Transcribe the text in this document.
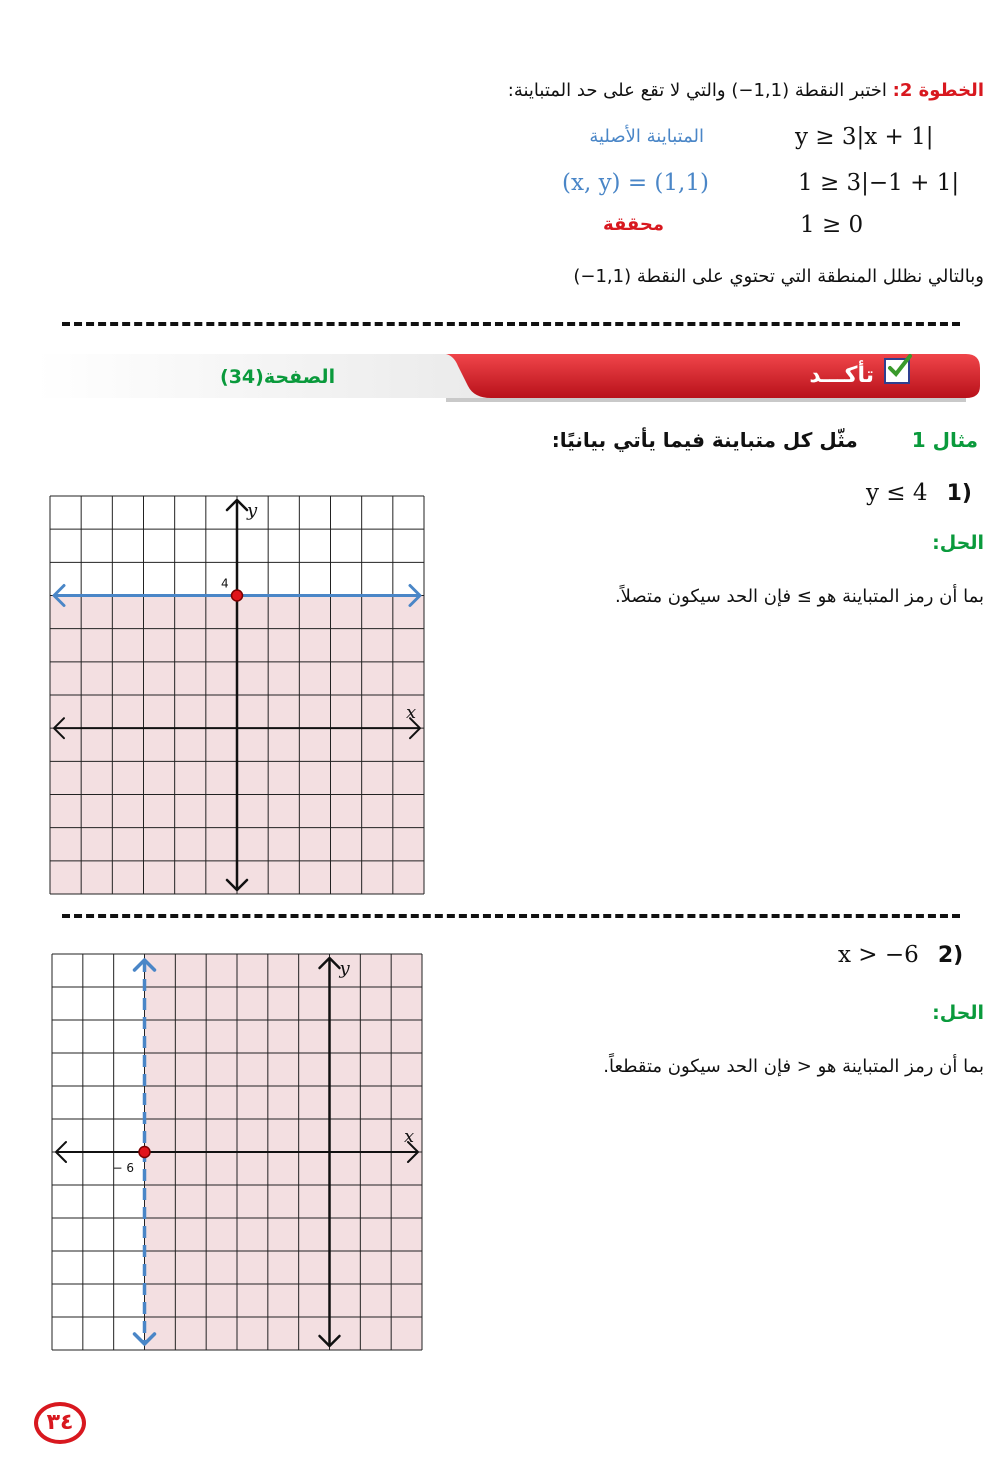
الخطوة 2: اختبر النقطة (1,1−) والتي لا تقع على حد المتباينة:
y ≥ 3|x + 1|
المتباينة الأصلية
1 ≥ 3|−1 + 1|
(x, y) = (1,1)
1 ≥ 0
محققة
وبالتالي نظلل المنطقة التي تحتوي على النقطة (1,1−)
تأكـــد
الصفحة(34)
مثال 1  مثّل كل متباينة فيما يأتي بيانيًا:
y ≤ 4 1)
الحل:
بما أن رمز المتباينة هو ≥ فإن الحد سيكون متصلاً.
x
y
4
x > −6 2)
الحل:
بما أن رمز المتباينة هو < فإن الحد سيكون متقطعاً.
x
y
− 6
٣٤
